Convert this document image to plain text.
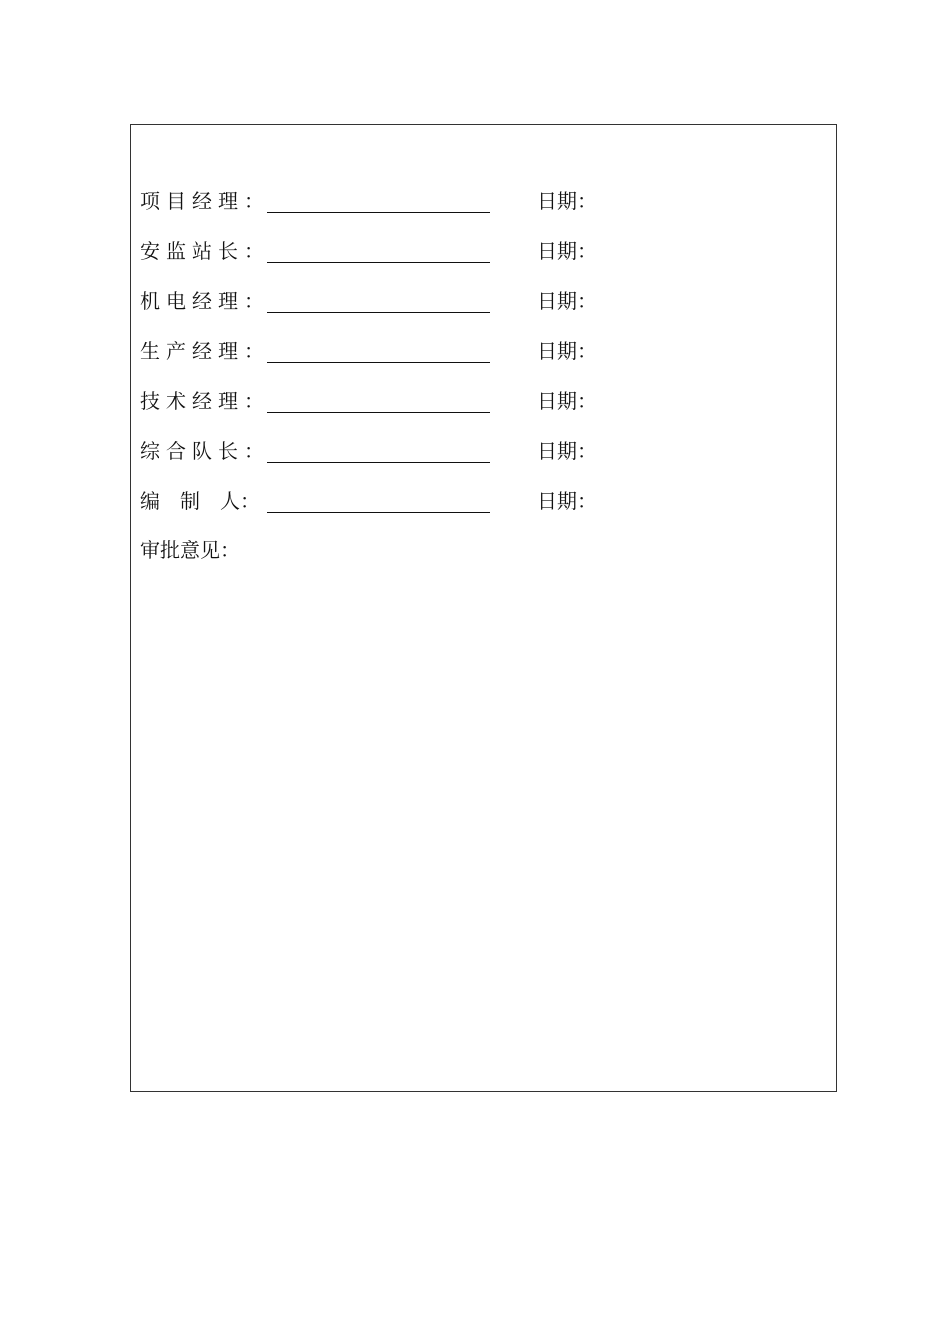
项目经理：	日期：
安监站长：	日期：
机电经理：	日期：
生产经理：	日期：
技术经理：	日期：
综合队长：	日期：
编　制　人：	日期：
审批意见：
